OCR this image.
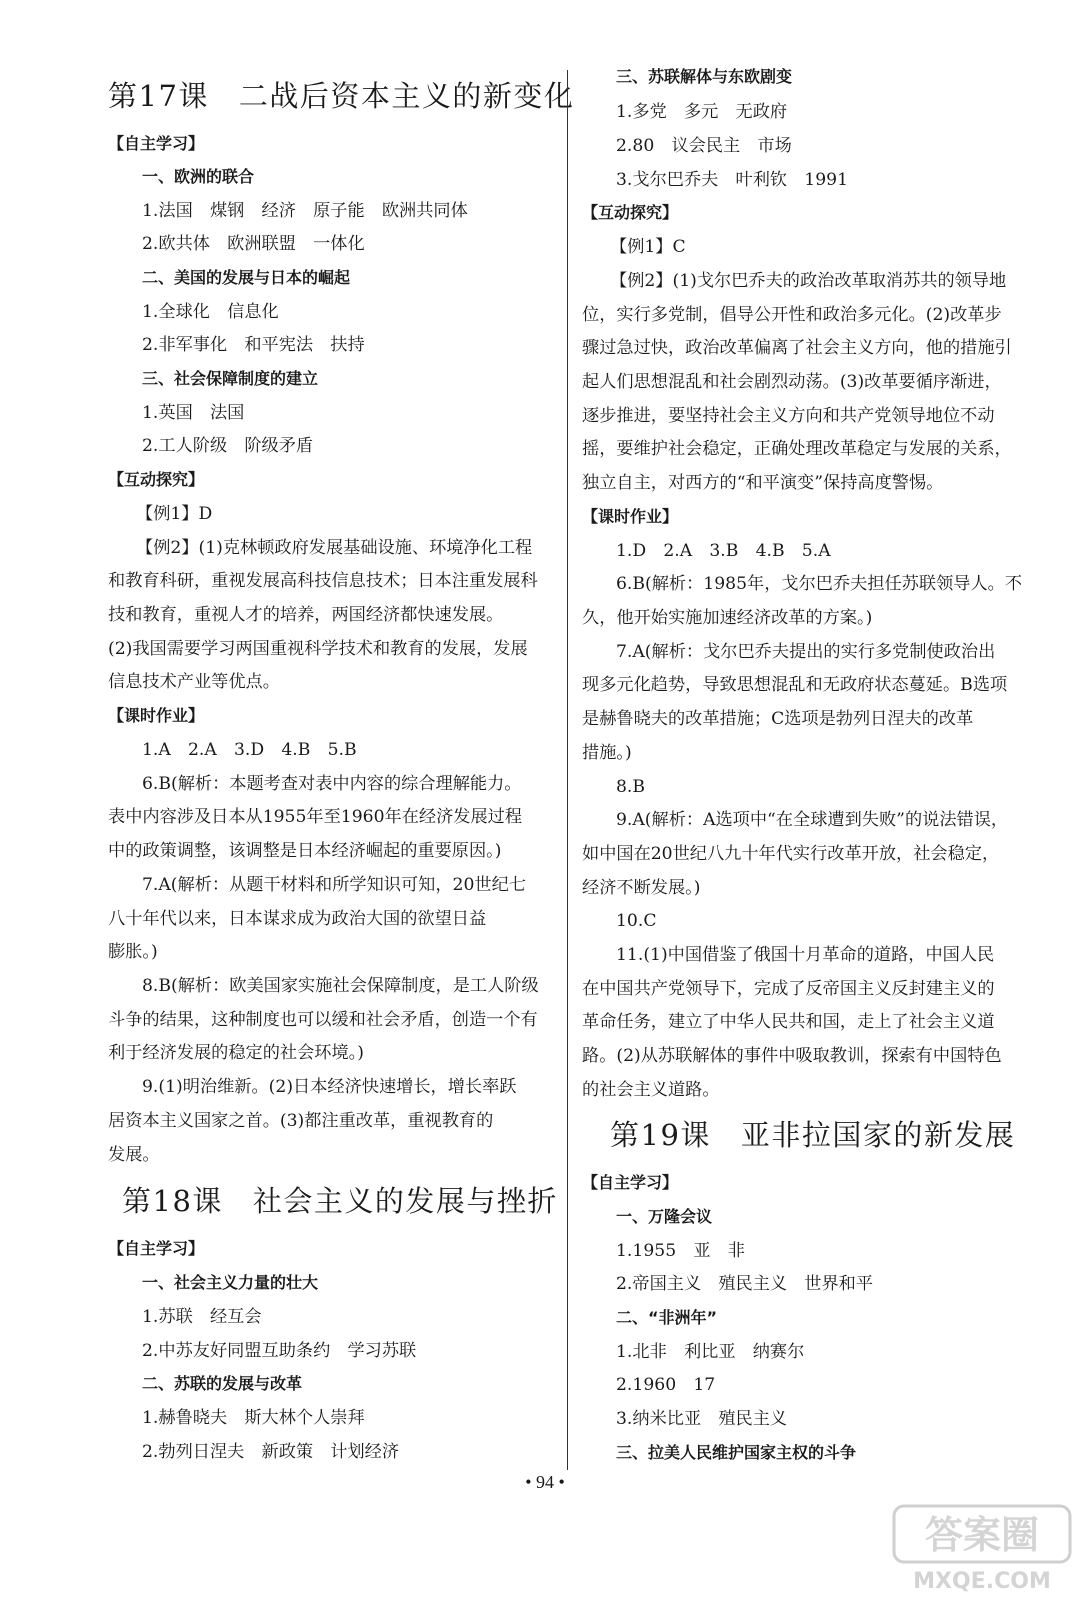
第17课 二战后资本主义的新变化
【自主学习】
一、欧洲的联合
1.法国　煤钢　经济　原子能　欧洲共同体
2.欧共体　欧洲联盟　一体化
二、美国的发展与日本的崛起
1.全球化　信息化
2.非军事化　和平宪法　扶持
三、社会保障制度的建立
1.英国　法国
2.工人阶级　阶级矛盾
【互动探究】
【例1】D
【例2】(1)克林顿政府发展基础设施、环境净化工程
和教育科研，重视发展高科技信息技术；日本注重发展科
技和教育，重视人才的培养，两国经济都快速发展。
(2)我国需要学习两国重视科学技术和教育的发展，发展
信息技术产业等优点。
【课时作业】
1.A　2.A　3.D　4.B　5.B
6.B(解析：本题考查对表中内容的综合理解能力。
表中内容涉及日本从1955年至1960年在经济发展过程
中的政策调整，该调整是日本经济崛起的重要原因。)
7.A(解析：从题干材料和所学知识可知，20世纪七
八十年代以来，日本谋求成为政治大国的欲望日益
膨胀。)
8.B(解析：欧美国家实施社会保障制度，是工人阶级
斗争的结果，这种制度也可以缓和社会矛盾，创造一个有
利于经济发展的稳定的社会环境。)
9.(1)明治维新。(2)日本经济快速增长，增长率跃
居资本主义国家之首。(3)都注重改革，重视教育的
发展。
第18课 社会主义的发展与挫折
【自主学习】
一、社会主义力量的壮大
1.苏联　经互会
2.中苏友好同盟互助条约　学习苏联
二、苏联的发展与改革
1.赫鲁晓夫　斯大林个人崇拜
2.勃列日涅夫　新政策　计划经济
三、苏联解体与东欧剧变
1.多党　多元　无政府
2.80　议会民主　市场
3.戈尔巴乔夫　叶利钦　1991
【互动探究】
【例1】C
【例2】(1)戈尔巴乔夫的政治改革取消苏共的领导地
位，实行多党制，倡导公开性和政治多元化。(2)改革步
骤过急过快，政治改革偏离了社会主义方向，他的措施引
起人们思想混乱和社会剧烈动荡。(3)改革要循序渐进，
逐步推进，要坚持社会主义方向和共产党领导地位不动
摇，要维护社会稳定，正确处理改革稳定与发展的关系，
独立自主，对西方的“和平演变”保持高度警惕。
【课时作业】
1.D　2.A　3.B　4.B　5.A
6.B(解析：1985年，戈尔巴乔夫担任苏联领导人。不
久，他开始实施加速经济改革的方案。)
7.A(解析：戈尔巴乔夫提出的实行多党制使政治出
现多元化趋势，导致思想混乱和无政府状态蔓延。B选项
是赫鲁晓夫的改革措施；C选项是勃列日涅夫的改革
措施。)
8.B
9.A(解析：A选项中“在全球遭到失败”的说法错误，
如中国在20世纪八九十年代实行改革开放，社会稳定，
经济不断发展。)
10.C
11.(1)中国借鉴了俄国十月革命的道路，中国人民
在中国共产党领导下，完成了反帝国主义反封建主义的
革命任务，建立了中华人民共和国，走上了社会主义道
路。(2)从苏联解体的事件中吸取教训，探索有中国特色
的社会主义道路。
第19课 亚非拉国家的新发展
【自主学习】
一、万隆会议
1.1955　亚　非
2.帝国主义　殖民主义　世界和平
二、“非洲年”
1.北非　利比亚　纳赛尔
2.1960　17
3.纳米比亚　殖民主义
三、拉美人民维护国家主权的斗争
• 94 •
答案圈
MXQE.COM
